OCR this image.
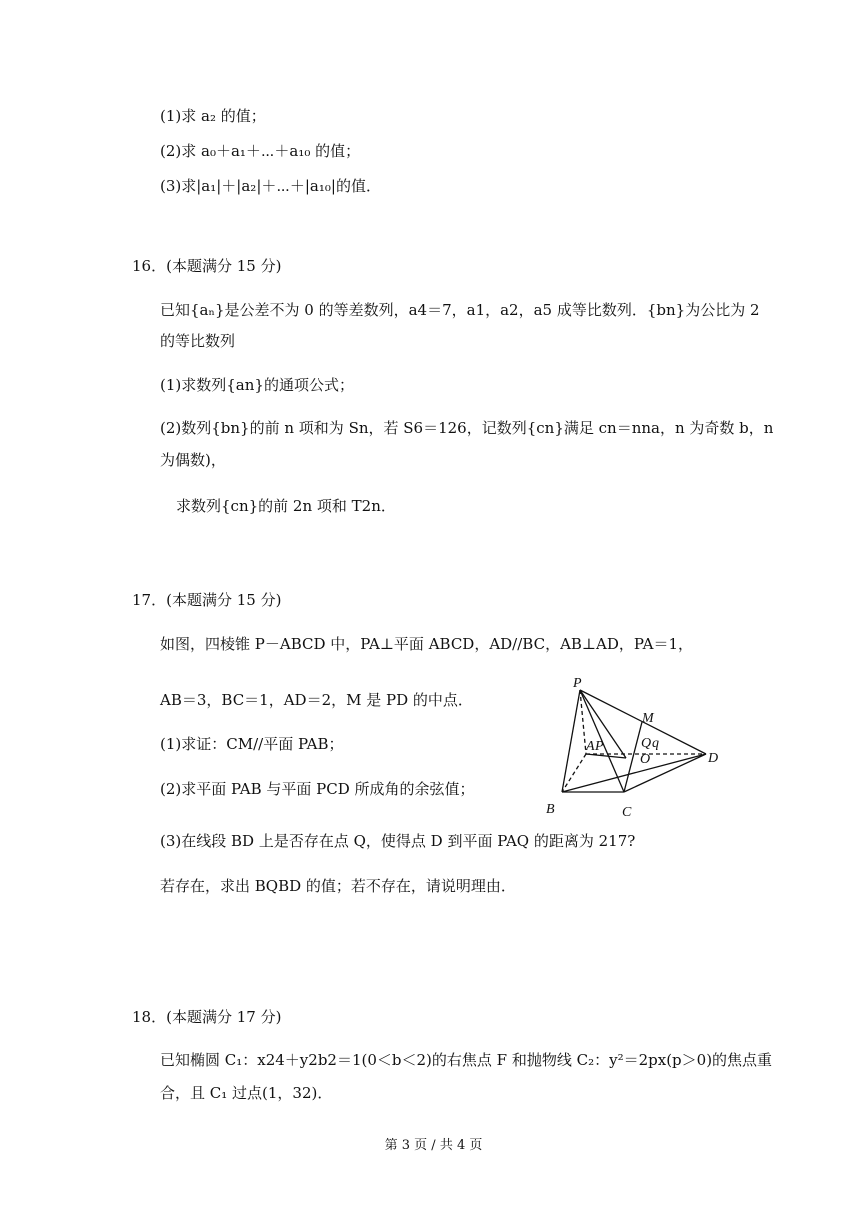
(1)求 a₂ 的值；
(2)求 a₀＋a₁＋⋯＋a₁₀ 的值；
(3)求|a₁|＋|a₂|＋⋯＋|a₁₀|的值．
16．(本题满分 15 分)
已知{aₙ}是公差不为 0 的等差数列，a4＝7，a1，a2，a5 成等比数列．{bn}为公比为 2
的等比数列
(1)求数列{an}的通项公式；
(2)数列{bn}的前 n 项和为 Sn，若 S6＝126，记数列{cn}满足 cn＝nna，n 为奇数 b，n
为偶数)，
求数列{cn}的前 2n 项和 T2n．
17．(本题满分 15 分)
如图，四棱锥 P－ABCD 中，PA⊥平面 ABCD，AD//BC，AB⊥AD，PA＝1，
AB＝3，BC＝1，AD＝2，M 是 PD 的中点．
(1)求证：CM//平面 PAB；
(2)求平面 PAB 与平面 PCD 所成角的余弦值；
(3)在线段 BD 上是否存在点 Q，使得点 D 到平面 PAQ 的距离为 217?
若存在，求出 BQBD 的值；若不存在，请说明理由．
P
M
A P	Q q
O	D
B	C
18．(本题满分 17 分)
已知椭圆 C₁：x24＋y2b2＝1(0＜b＜2)的右焦点 F 和抛物线 C₂：y²＝2px(p＞0)的焦点重
合，且 C₁ 过点(1，32)．
第 3 页 / 共 4 页
